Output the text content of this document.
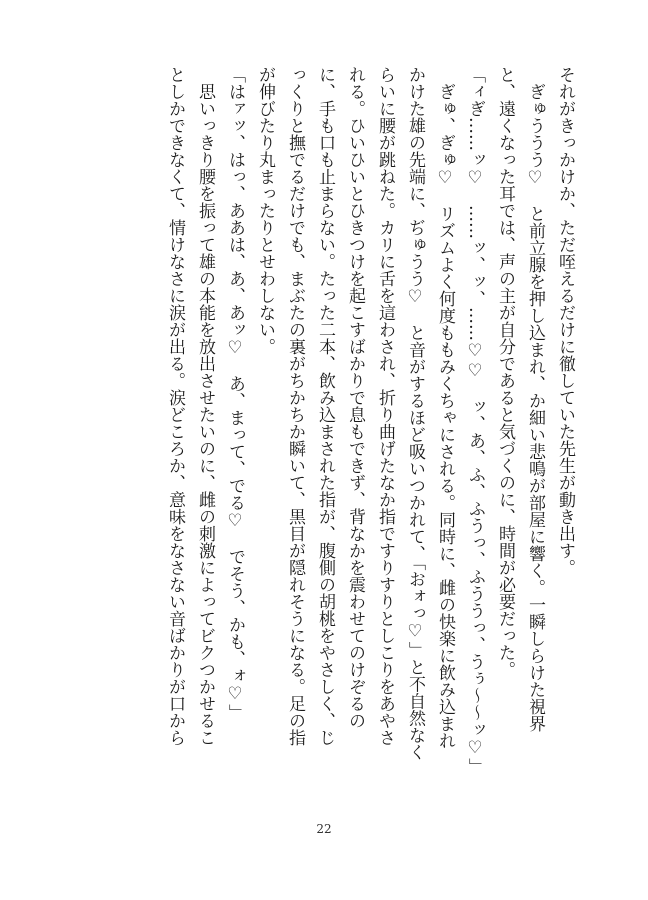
それがきっかけか、ただ咥えるだけに徹していた先生が動き出す。
　ぎゅううう♡　と前立腺を押し込まれ、か細い悲鳴が部屋に響く。一瞬しらけた視界
と、遠くなった耳では、声の主が自分であると気づくのに、時間が必要だった。
「ィぎ……ッ♡　……ッ、ッ、……♡♡　ッ、あ、ふ、ふうっ、ふううっ、うぅ〜〜ッ♡」
　ぎゅ、ぎゅ♡　リズムよく何度ももみくちゃにされる。同時に、雌の快楽に飲み込まれ
かけた雄の先端に、ぢゅうう♡　と音がするほど吸いつかれて、「おォっ♡」と不自然なく
らいに腰が跳ねた。カリに舌を這わされ、折り曲げたなか指ですりすりとしこりをあやさ
れる。ひいひいとひきつけを起こすばかりで息もできず、背なかを震わせてのけぞるの
に、手も口も止まらない。たった二本、飲み込まされた指が、腹側の胡桃をやさしく、じ
っくりと撫でるだけでも、まぶたの裏がちかちか瞬いて、黒目が隠れそうになる。足の指
が伸びたり丸まったりとせわしない。
「はァッ、はっ、ああは、あ、あッ♡　あ、まって、でる♡　でそう、かも、ォ♡」
　思いっきり腰を振って雄の本能を放出させたいのに、雌の刺激によってビクつかせるこ
としかできなくて、情けなさに涙が出る。涙どころか、意味をなさない音ばかりが口から
22
